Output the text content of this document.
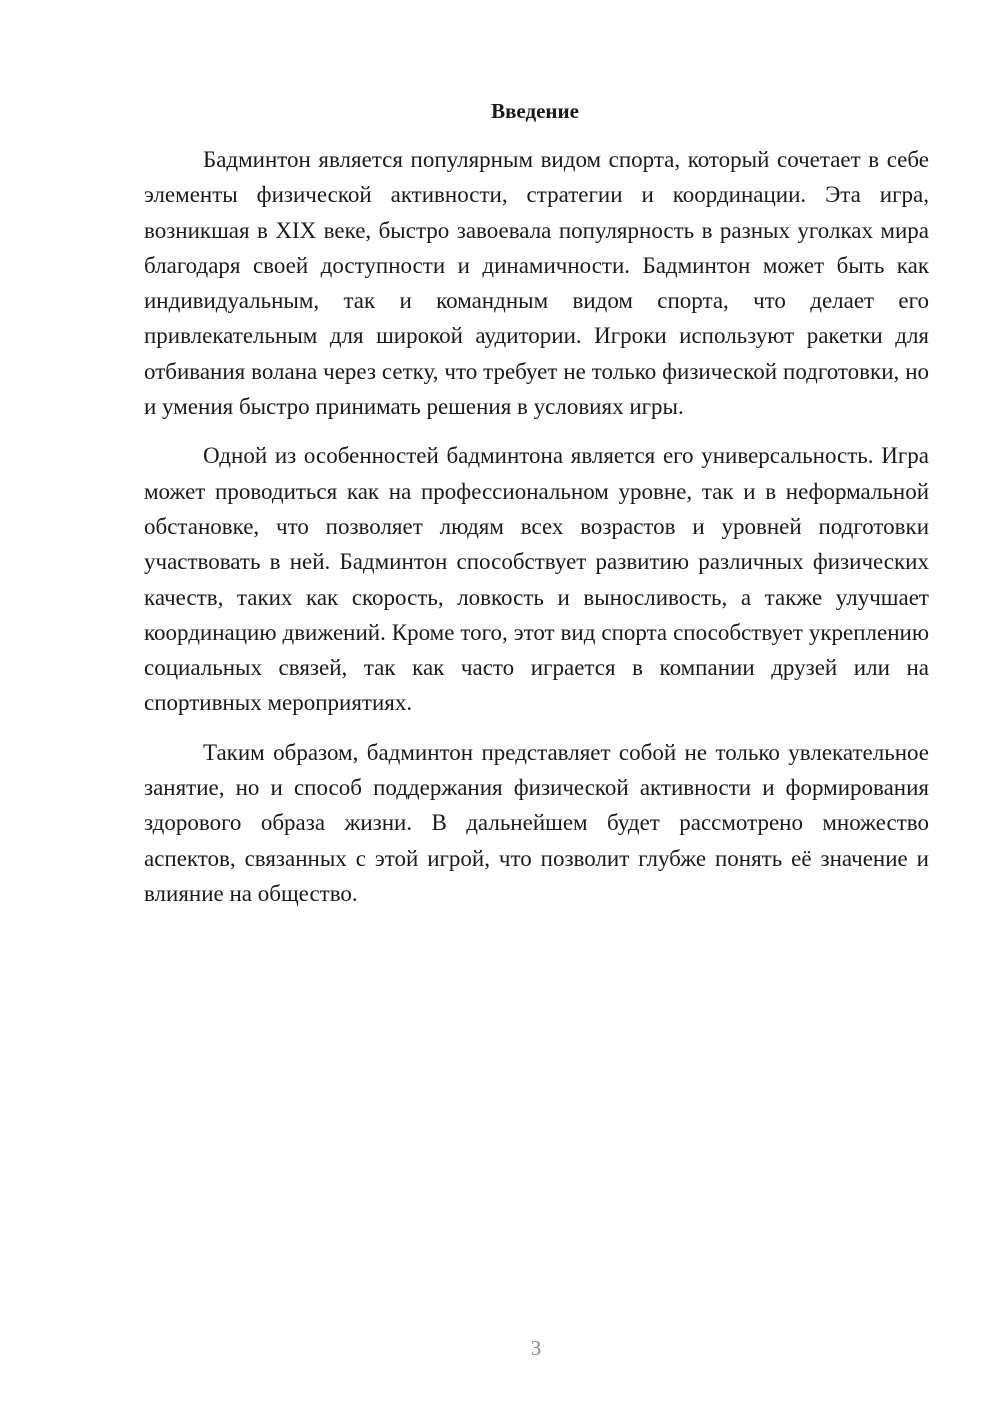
Введение

Бадминтон является популярным видом спорта, который сочетает в себе элементы физической активности, стратегии и координации. Эта игра, возникшая в XIX веке, быстро завоевала популярность в разных уголках мира благодаря своей доступности и динамичности. Бадминтон может быть как индивидуальным, так и командным видом спорта, что делает его привлекательным для широкой аудитории. Игроки используют ракетки для отбивания волана через сетку, что требует не только физической подготовки, но и умения быстро принимать решения в условиях игры.

Одной из особенностей бадминтона является его универсальность. Игра может проводиться как на профессиональном уровне, так и в неформальной обстановке, что позволяет людям всех возрастов и уровней подготовки участвовать в ней. Бадминтон способствует развитию различных физических качеств, таких как скорость, ловкость и выносливость, а также улучшает координацию движений. Кроме того, этот вид спорта способствует укреплению социальных связей, так как часто играется в компании друзей или на спортивных мероприятиях.

Таким образом, бадминтон представляет собой не только увлекательное занятие, но и способ поддержания физической активности и формирования здорового образа жизни. В дальнейшем будет рассмотрено множество аспектов, связанных с этой игрой, что позволит глубже понять её значение и влияние на общество.

3
